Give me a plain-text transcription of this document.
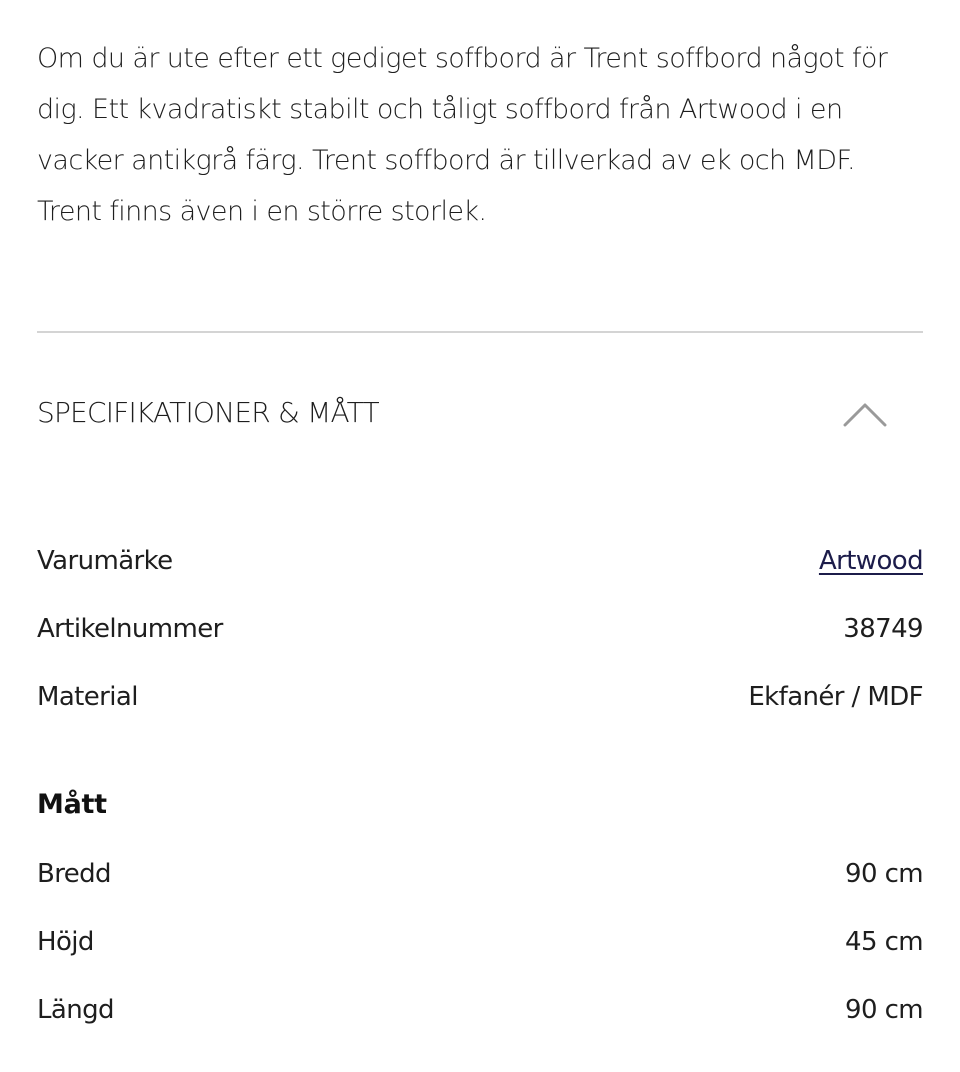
Om du är ute efter ett gediget soffbord är Trent soffbord något för dig. Ett kvadratiskt stabilt och tåligt soffbord från Artwood i en vacker antikgrå färg. Trent soffbord är tillverkad av ek och MDF. Trent finns även i en större storlek.

SPECIFIKATIONER & MÅTT
Varumärke	Artwood
Artikelnummer	38749
Material	Ekfanér / MDF
Mått
Bredd	90 cm
Höjd	45 cm
Längd	90 cm
